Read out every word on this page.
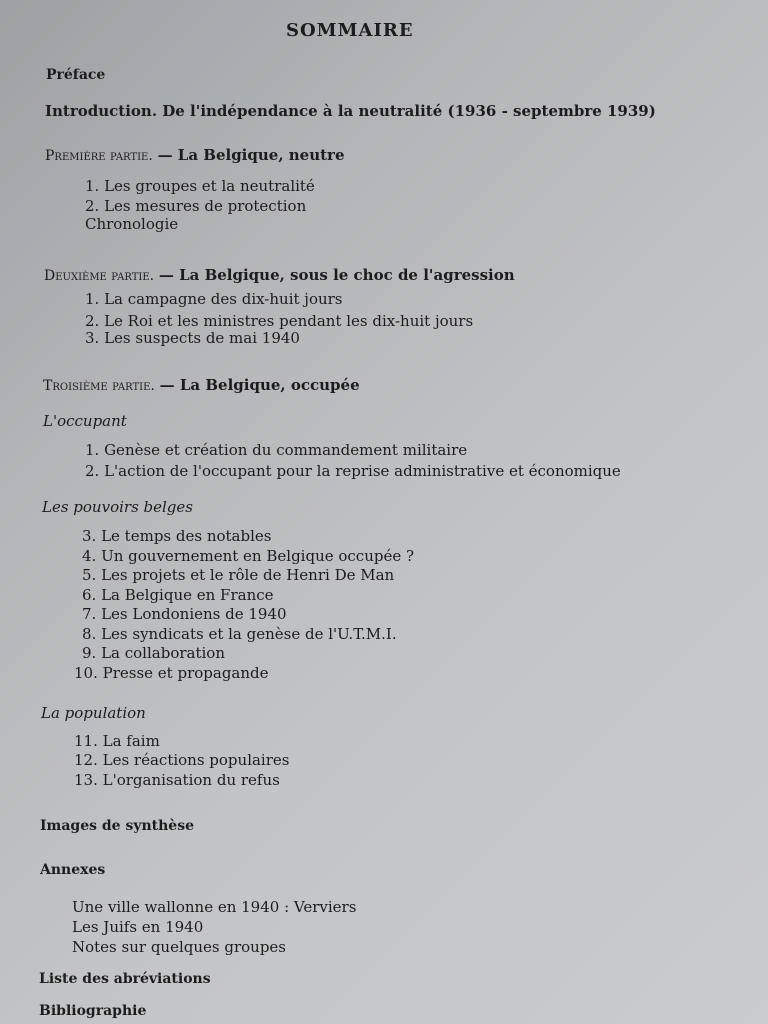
SOMMAIRE
Préface
Introduction. De l'indépendance à la neutralité (1936 - septembre 1939)
Première partie. — La Belgique, neutre
1. Les groupes et la neutralité
2. Les mesures de protection
Chronologie
Deuxième partie. — La Belgique, sous le choc de l'agression
1. La campagne des dix-huit jours
2. Le Roi et les ministres pendant les dix-huit jours
3. Les suspects de mai 1940
Troisième partie. — La Belgique, occupée
L'occupant
1. Genèse et création du commandement militaire
2. L'action de l'occupant pour la reprise administrative et économique
Les pouvoirs belges
3. Le temps des notables
4. Un gouvernement en Belgique occupée ?
5. Les projets et le rôle de Henri De Man
6. La Belgique en France
7. Les Londoniens de 1940
8. Les syndicats et la genèse de l'U.T.M.I.
9. La collaboration
10. Presse et propagande
La population
11. La faim
12. Les réactions populaires
13. L'organisation du refus
Images de synthèse
Annexes
Une ville wallonne en 1940 : Verviers
Les Juifs en 1940
Notes sur quelques groupes
Liste des abréviations
Bibliographie
